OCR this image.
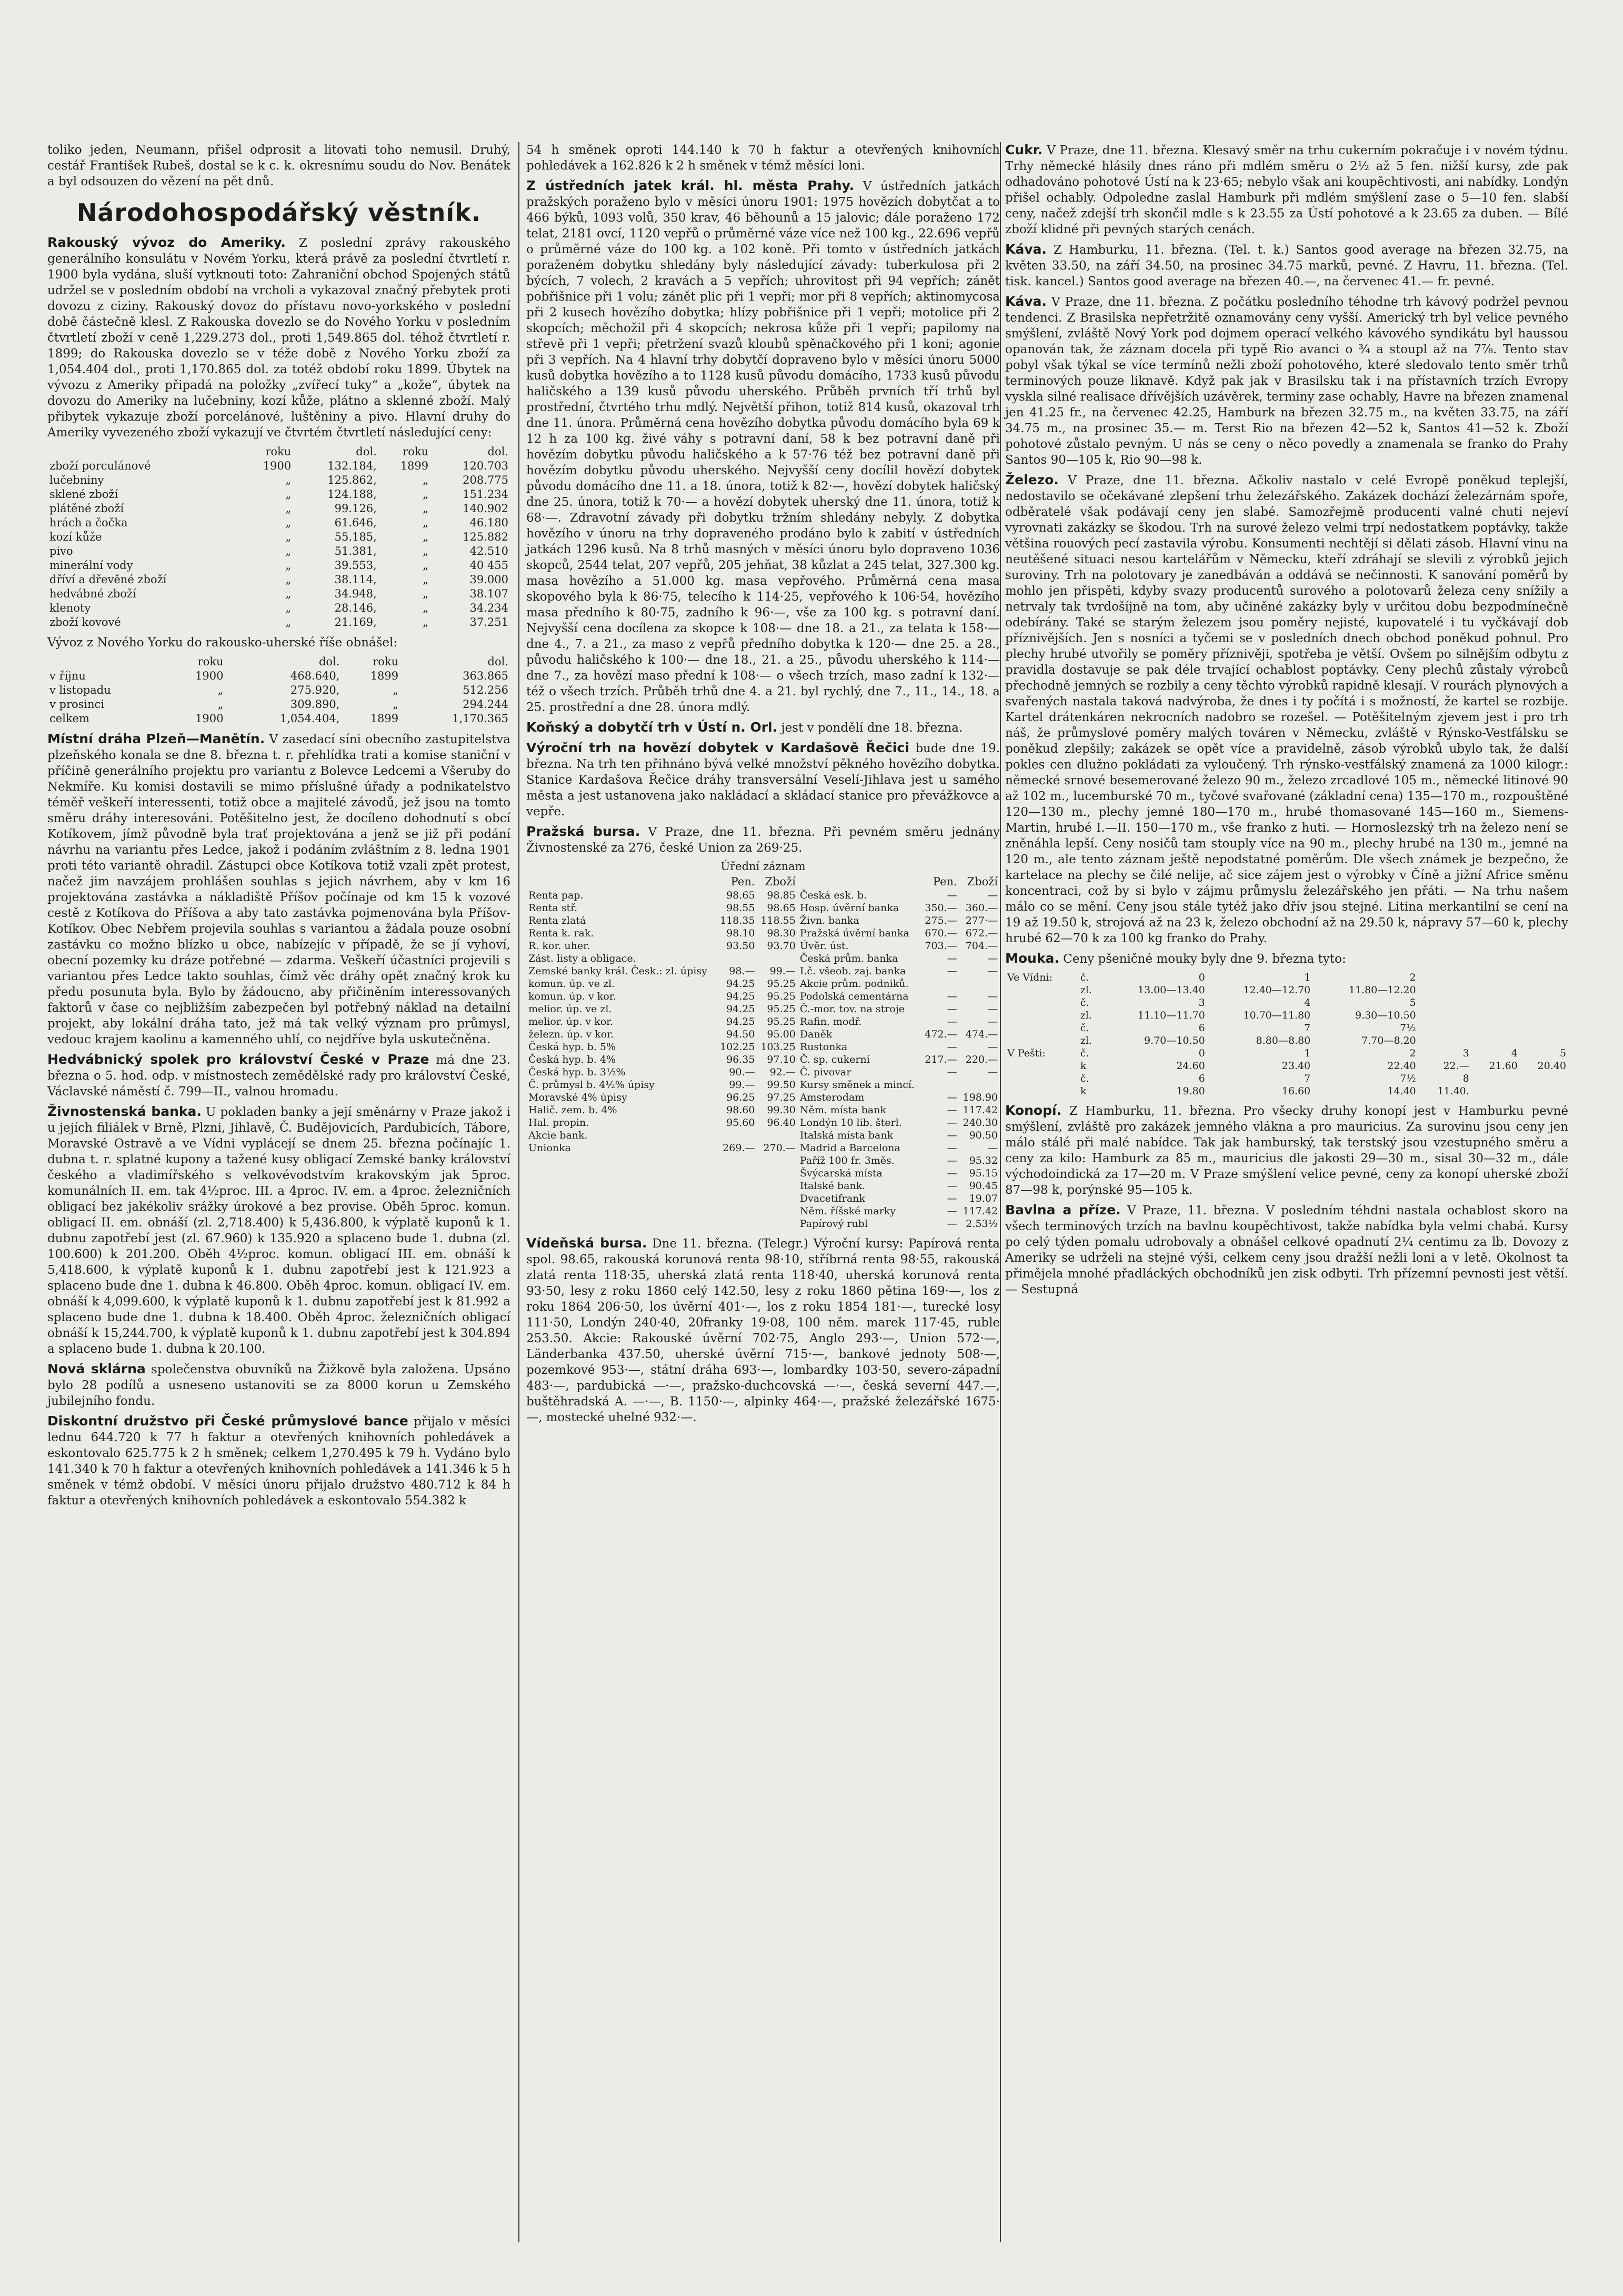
toliko jeden, Neumann, přišel odprosit a litovati toho nemusil. Druhý, cestář František Rubeš, dostal se k c. k. okresnímu soudu do Nov. Benátek a byl odsouzen do vězení na pět dnů.

Národohospodářský věstník.

Rakouský vývoz do Ameriky. Z poslední zprávy rakouského generálního konsulátu v Novém Yorku, která právě za poslední čtvrtletí r. 1900 byla vydána, sluší vytknouti toto: Zahraniční obchod Spojených států udržel se v posledním období na vrcholi a vykazoval značný přebytek proti dovozu z ciziny. Rakouský dovoz do přístavu novo-yorkského v poslední době částečně klesl. Z Rakouska dovezlo se do Nového Yorku v posledním čtvrtletí zboží v ceně 1,229.273 dol., proti 1,549.865 dol. téhož čtvrtletí r. 1899; do Rakouska dovezlo se v téže době z Nového Yorku zboží za 1,054.404 dol., proti 1,170.865 dol. za totéž období roku 1899. Úbytek na vývozu z Ameriky připadá na položky „zvířecí tuky“ a „kože“, úbytek na dovozu do Ameriky na lučebniny, kozí kůže, plátno a sklenné zboží. Malý přibytek vykazuje zboží porcelánové, luštěniny a pivo. Hlavní druhy do Ameriky vyvezeného zboží vykazují ve čtvrtém čtvrtletí následující ceny:

	roku	dol.	roku	dol.
zboží porculánové	1900	132.184,	1899	120.703
lučebniny	„	125.862,	„	208.775
sklené zboží	„	124.188,	„	151.234
plátěné zboží	„	99.126,	„	140.902
hrách a čočka	„	61.646,	„	46.180
kozí kůže	„	55.185,	„	125.882
pivo	„	51.381,	„	42.510
minerální vody	„	39.553,	„	40 455
dříví a dřevěné zboží	„	38.114,	„	39.000
hedvábné zboží	„	34.948,	„	38.107
klenoty	„	28.146,	„	34.234
zboží kovové	„	21.169,	„	37.251

Vývoz z Nového Yorku do rakousko-uherské říše obnášel:

	roku	dol.	roku	dol.
v říjnu	1900	468.640,	1899	363.865
v listopadu	„	275.920,	„	512.256
v prosinci	„	309.890,	„	294.244
celkem	1900	1,054.404,	1899	1,170.365

Místní dráha Plzeň—Manětín. V zasedací síni obecního zastupitelstva plzeňského konala se dne 8. března t. r. přehlídka trati a komise staniční v příčině generálního projektu pro variantu z Bolevce Ledcemi a Všeruby do Nekmíře. Ku komisi dostavili se mimo příslušné úřady a podnikatelstvo téměř veškeří interessenti, totiž obce a majitelé závodů, jež jsou na tomto směru dráhy interesováni. Potěšitelno jest, že docíleno dohodnutí s obcí Kotíkovem, jímž původně byla trať projektována a jenž se již při podání návrhu na variantu přes Ledce, jakož i podáním zvláštním z 8. ledna 1901 proti této variantě ohradil. Zástupci obce Kotíkova totiž vzali zpět protest, načež jim navzájem prohlášen souhlas s jejich návrhem, aby v km 16 projektována zastávka a nákladiště Příšov počínaje od km 15 k vozové cestě z Kotíkova do Příšova a aby tato zastávka pojmenována byla Příšov-Kotíkov. Obec Nebřem projevila souhlas s variantou a žádala pouze osobní zastávku co možno blízko u obce, nabízejíc v případě, že se jí vyhoví, obecní pozemky ku dráze potřebné — zdarma. Veškeří účastníci projevili s variantou přes Ledce takto souhlas, čímž věc dráhy opět značný krok ku předu posunuta byla. Bylo by žádoucno, aby přičiněním interessovaných faktorů v čase co nejbližším zabezpečen byl potřebný náklad na detailní projekt, aby lokální dráha tato, jež má tak velký význam pro průmysl, vedouc krajem kaolinu a kamenného uhlí, co nejdříve byla uskutečněna.

Hedvábnický spolek pro království České v Praze má dne 23. března o 5. hod. odp. v místnostech zemědělské rady pro království České, Václavské náměstí č. 799—II., valnou hromadu.

Živnostenská banka. U pokladen banky a její směnárny v Praze jakož i u jejích filiálek v Brně, Plzni, Jihlavě, Č. Budějovicích, Pardubicích, Tábore, Moravské Ostravě a ve Vídni vyplácejí se dnem 25. března počínajíc 1. dubna t. r. splatné kupony a tažené kusy obligací Zemské banky království českého a vladimířského s velkovévodstvím krakovským jak 5proc. komunálních II. em. tak 4½proc. III. a 4proc. IV. em. a 4proc. železničních obligací bez jakékoliv srážky úrokové a bez provise. Oběh 5proc. komun. obligací II. em. obnáší (zl. 2,718.400) k 5,436.800, k výplatě kuponů k 1. dubnu zapotřebí jest (zl. 67.960) k 135.920 a splaceno bude 1. dubna (zl. 100.600) k 201.200. Oběh 4½proc. komun. obligací III. em. obnáší k 5,418.600, k výplatě kuponů k 1. dubnu zapotřebí jest k 121.923 a splaceno bude dne 1. dubna k 46.800. Oběh 4proc. komun. obligací IV. em. obnáší k 4,099.600, k výplatě kuponů k 1. dubnu zapotřebí jest k 81.992 a splaceno bude dne 1. dubna k 18.400. Oběh 4proc. železničních obligací obnáší k 15,244.700, k výplatě kuponů k 1. dubnu zapotřebí jest k 304.894 a splaceno bude 1. dubna k 20.100.

Nová sklárna společenstva obuvníků na Žižkově byla založena. Upsáno bylo 28 podílů a usneseno ustanoviti se za 8000 korun u Zemského jubilejního fondu.

Diskontní družstvo při České průmyslové bance přijalo v měsíci lednu 644.720 k 77 h faktur a otevřených knihovních pohledávek a eskontovalo 625.775 k 2 h směnek; celkem 1,270.495 k 79 h. Vydáno bylo 141.340 k 70 h faktur a otevřených knihovních pohledávek a 141.346 k 5 h směnek v témž období. V měsíci únoru přijalo družstvo 480.712 k 84 h faktur a otevřených knihovních pohledávek a eskontovalo 554.382 k

54 h směnek oproti 144.140 k 70 h faktur a otevřených knihovních pohledávek a 162.826 k 2 h směnek v témž měsíci loni.

Z ústředních jatek král. hl. města Prahy. V ústředních jatkách pražských poraženo bylo v měsíci únoru 1901: 1975 hovězích dobytčat a to 466 býků, 1093 volů, 350 krav, 46 běhounů a 15 jalovic; dále poraženo 172 telat, 2181 ovcí, 1120 vepřů o průměrné váze více než 100 kg., 22.696 vepřů o průměrné váze do 100 kg. a 102 koně. Při tomto v ústředních jatkách poraženém dobytku shledány byly následující závady: tuberkulosa při 2 býcích, 7 volech, 2 kravách a 5 vepřích; uhrovitost při 94 vepřích; zánět pobřišnice při 1 volu; zánět plic při 1 vepři; mor při 8 vepřích; aktinomycosa při 2 kusech hovězího dobytka; hlízy pobřišnice při 1 vepři; motolice při 2 skopcích; měchožil při 4 skopcích; nekrosa kůže při 1 vepři; papilomy na střevě při 1 vepři; přetržení svazů kloubů spěnačkového při 1 koni; agonie při 3 vepřích. Na 4 hlavní trhy dobytčí dopraveno bylo v měsíci únoru 5000 kusů dobytka hovězího a to 1128 kusů původu domácího, 1733 kusů původu haličského a 139 kusů původu uherského. Průběh prvních tří trhů byl prostřední, čtvrtého trhu mdlý. Největší přihon, totiž 814 kusů, okazoval trh dne 11. února. Průměrná cena hovězího dobytka původu domácího byla 69 k 12 h za 100 kg. živé váhy s potravní daní, 58 k bez potravní daně při hovězím dobytku původu haličského a k 57·76 též bez potravní daně při hovězím dobytku původu uherského. Nejvyšší ceny docílil hovězí dobytek původu domácího dne 11. a 18. února, totiž k 82·—, hovězí dobytek haličský dne 25. února, totiž k 70·— a hovězí dobytek uherský dne 11. února, totiž k 68·—. Zdravotní závady při dobytku tržním shledány nebyly. Z dobytka hovězího v únoru na trhy dopraveného prodáno bylo k zabití v ústředních jatkách 1296 kusů. Na 8 trhů masných v měsíci únoru bylo dopraveno 1036 skopců, 2544 telat, 207 vepřů, 205 jehňat, 38 kůzlat a 245 telat, 327.300 kg. masa hovězího a 51.000 kg. masa vepřového. Průměrná cena masa skopového byla k 86·75, telecího k 114·25, vepřového k 106·54, hovězího masa předního k 80·75, zadního k 96·—, vše za 100 kg. s potravní daní. Nejvyšší cena docílena za skopce k 108·— dne 18. a 21., za telata k 158·— dne 4., 7. a 21., za maso z vepřů předního dobytka k 120·— dne 25. a 28., původu haličského k 100·— dne 18., 21. a 25., původu uherského k 114·— dne 7., za hovězí maso přední k 108·— o všech trzích, maso zadní k 132·— též o všech trzích. Průběh trhů dne 4. a 21. byl rychlý, dne 7., 11., 14., 18. a 25. prostřední a dne 28. února mdlý.

Koňský a dobytčí trh v Ústí n. Orl. jest v pondělí dne 18. března.

Výroční trh na hovězí dobytek v Kardašově Řečici bude dne 19. března. Na trh ten přihnáno bývá velké množství pěkného hovězího dobytka. Stanice Kardašova Řečice dráhy transversální Veselí-Jihlava jest u samého města a jest ustanovena jako nakládací a skládací stanice pro převážkovce a vepře.

Pražská bursa. V Praze, dne 11. března. Při pevném směru jednány Živnostenské za 276, české Union za 269·25.

Úřední záznam
	Pen.	Zboží		Pen.	Zboží
Renta pap.	98.65	98.85	Česká esk. b.	—	—
Renta stř.	98.55	98.65	Hosp. úvěrní banka	350.—	360.—
Renta zlatá	118.35	118.55	Živn. banka	275.—	277·—
Renta k. rak.	98.10	98.30	Pražská úvěrní banka	670.—	672.—
R. kor. uher.	93.50	93.70	Úvěr. úst.	703.—	704.—
Zást. listy a obligace.			Česká prům. banka	—	—
Zemské banky král. Česk.: zl. úpisy	98.—	99.—	I.č. všeob. zaj. banka	—	—
komun. úp. ve zl.	94.25	95.25	Akcie prům. podniků.		
komun. úp. v kor.	94.25	95.25	Podolská cementárna	—	—
melior. úp. ve zl.	94.25	95.25	Č.-mor. tov. na stroje	—	—
melior. úp. v kor.	94.25	95.25	Rafin. modř.	—	—
železn. úp. v kor.	94.50	95.00	Daněk	472.—	474.—
Česká hyp. b. 5%	102.25	103.25	Rustonka	—	—
Česká hyp. b. 4%	96.35	97.10	Č. sp. cukerní	217.—	220.—
Česká hyp. b. 3½%	90.—	92.—	Č. pivovar	—	—
Č. průmysl b. 4½% úpisy	99.—	99.50	Kursy směnek a mincí.		
Moravské 4% úpisy	96.25	97.25	Amsterodam	—	198.90
Halič. zem. b. 4%	98.60	99.30	Něm. místa bank	—	117.42
Hal. propin.	95.60	96.40	Londýn 10 lib. šterl.	—	240.30
Akcie bank.			Italská místa bank	—	90.50
Unionka	269.—	270.—	Madrid a Barcelona	—	—
			Paříž 100 fr. 3měs.	—	95.32
			Švýcarská místa	—	95.15
			Italské bank.	—	90.45
			Dvacetifrank	—	19.07
			Něm. říšské marky	—	117.42
			Papírový rubl	—	2.53½

Vídeňská bursa. Dne 11. března. (Telegr.) Výroční kursy: Papírová renta spol. 98.65, rakouská korunová renta 98·10, stříbrná renta 98·55, rakouská zlatá renta 118·35, uherská zlatá renta 118·40, uherská korunová renta 93·50, lesy z roku 1860 celý 142.50, lesy z roku 1860 pětina 169·—, los z roku 1864 206·50, los úvěrní 401·—, los z roku 1854 181·—, turecké losy 111·50, Londýn 240·40, 20franky 19·08, 100 něm. marek 117·45, ruble 253.50. Akcie: Rakouské úvěrní 702·75, Anglo 293·—, Union 572·—, Länderbanka 437.50, uherské úvěrní 715·—, bankové jednoty 508·—, pozemkové 953·—, státní dráha 693·—, lombardky 103·50, severo-západní 483·—, pardubická —·—, pražsko-duchcovská —·—, česká severní 447.—, buštěhradská A. —·—, B. 1150·—, alpinky 464·—, pražské železářské 1675·—, mostecké uhelné 932·—.

Cukr. V Praze, dne 11. března. Klesavý směr na trhu cukerním pokračuje i v novém týdnu. Trhy německé hlásily dnes ráno při mdlém směru o 2½ až 5 fen. nižší kursy, zde pak odhadováno pohotové Ústí na k 23·65; nebylo však ani koupěchtivosti, ani nabídky. Londýn přišel ochably. Odpoledne zaslal Hamburk při mdlém smýšlení zase o 5—10 fen. slabší ceny, načež zdejší trh skončil mdle s k 23.55 za Ústí pohotové a k 23.65 za duben. — Bílé zboží klidné při pevných starých cenách.

Káva. Z Hamburku, 11. března. (Tel. t. k.) Santos good average na březen 32.75, na květen 33.50, na září 34.50, na prosinec 34.75 marků, pevné. Z Havru, 11. března. (Tel. tisk. kancel.) Santos good average na březen 40.—, na červenec 41.— fr. pevné.

Káva. V Praze, dne 11. března. Z počátku posledního téhodne trh kávový podržel pevnou tendenci. Z Brasilska nepřetržitě oznamovány ceny vyšší. Americký trh byl velice pevného smýšlení, zvláště Nový York pod dojmem operací velkého kávového syndikátu byl haussou opanován tak, že záznam docela při typě Rio avanci o ¾ a stoupl až na 7⅞. Tento stav pobyl však týkal se více termínů nežli zboží pohotového, které sledovalo tento směr trhů terminových pouze liknavě. Když pak jak v Brasilsku tak i na přístavních trzích Evropy vyskla silné realisace dřívějších uzávěrek, terminy zase ochably, Havre na březen znamenal jen 41.25 fr., na červenec 42.25, Hamburk na březen 32.75 m., na květen 33.75, na září 34.75 m., na prosinec 35.— m. Terst Rio na březen 42—52 k, Santos 41—52 k. Zboží pohotové zůstalo pevným. U nás se ceny o něco povedly a znamenala se franko do Prahy Santos 90—105 k, Rio 90—98 k.

Železo. V Praze, dne 11. března. Ačkoliv nastalo v celé Evropě poněkud teplejší, nedostavilo se očekávané zlepšení trhu železářského. Zakázek dochází železárnám spoře, odběratelé však podávají ceny jen slabé. Samozřejmě producenti valné chuti nejeví vyrovnati zakázky se škodou. Trh na surové železo velmi trpí nedostatkem poptávky, takže většina rouových pecí zastavila výrobu. Konsumenti nechtějí si dělati zásob. Hlavní vinu na neutěšené situaci nesou kartelářům v Německu, kteří zdráhají se slevili z výrobků jejich suroviny. Trh na polotovary je zanedbáván a oddává se nečinnosti. K sanování poměrů by mohlo jen přispěti, kdyby svazy producentů surového a polotovarů železa ceny snížily a netrvaly tak tvrdošíjně na tom, aby učiněné zakázky byly v určitou dobu bezpodmínečně odebírány. Také se starým železem jsou poměry nejisté, kupovatelé i tu vyčkávají dob příznivějších. Jen s nosníci a tyčemi se v posledních dnech obchod poněkud pohnul. Pro plechy hrubé utvořily se poměry příznivěji, spotřeba je větší. Ovšem po silnějším odbytu z pravidla dostavuje se pak déle trvající ochablost poptávky. Ceny plechů zůstaly výrobců přechodně jemných se rozbily a ceny těchto výrobků rapidně klesají. V rourách plynových a svařených nastala taková nadvýroba, že dnes i ty počítá i s možností, že kartel se rozbije. Kartel drátenkáren nekrocních nadobro se rozešel. — Potěšitelným zjevem jest i pro trh náš, že průmyslové poměry malých továren v Německu, zvláště v Rýnsko-Vestfálsku se poněkud zlepšily; zakázek se opět více a pravidelně, zásob výrobků ubylo tak, že další pokles cen dlužno pokládati za vyloučený. Trh rýnsko-vestfálský znamená za 1000 kilogr.: německé srnové besemerované železo 90 m., železo zrcadlové 105 m., německé litinové 90 až 102 m., lucemburské 70 m., tyčové svařované (základní cena) 135—170 m., rozpouštěné 120—130 m., plechy jemné 180—170 m., hrubé thomasované 145—160 m., Siemens-Martin, hrubé I.—II. 150—170 m., vše franko z huti. — Hornoslezský trh na železo není se zněnáhla lepší. Ceny nosičů tam stouply více na 90 m., plechy hrubé na 130 m., jemné na 120 m., ale tento záznam ještě nepodstatné poměrům. Dle všech známek je bezpečno, že kartelace na plechy se čilé nelije, ač sice zájem jest o výrobky v Číně a jižní Africe směnu koncentraci, což by si bylo v zájmu průmyslu železářského jen přáti. — Na trhu našem málo co se mění. Ceny jsou stále tytéž jako dřív jsou stejné. Litina merkantilní se cení na 19 až 19.50 k, strojová až na 23 k, železo obchodní až na 29.50 k, nápravy 57—60 k, plechy hrubé 62—70 k za 100 kg franko do Prahy.

Mouka. Ceny pšeničné mouky byly dne 9. března tyto:

Ve Vídni:	č.	0	1	2			
	zl.	13.00—13.40	12.40—12.70	11.80—12.20			
	č.	3	4	5			
	zl.	11.10—11.70	10.70—11.80	9.30—10.50			
	č.	6	7	7½			
	zl.	9.70—10.50	8.80—8.80	7.70—8.20			
V Pešti:	č.	0	1	2	3	4	5
	k	24.60	23.40	22.40	22.—	21.60	20.40
	č.	6	7	7½	8		
	k	19.80	16.60	14.40	11.40.		

Konopí. Z Hamburku, 11. března. Pro všecky druhy konopí jest v Hamburku pevné smýšlení, zvláště pro zakázek jemného vlákna a pro mauricius. Za surovinu jsou ceny jen málo stálé při malé nabídce. Tak jak hamburský, tak terstský jsou vzestupného směru a ceny za kilo: Hamburk za 85 m., mauricius dle jakosti 29—30 m., sisal 30—32 m., dále východoindická za 17—20 m. V Praze smýšlení velice pevné, ceny za konopí uherské zboží 87—98 k, porýnské 95—105 k.

Bavlna a příze. V Praze, 11. března. V posledním téhdni nastala ochablost skoro na všech terminových trzích na bavlnu koupěchtivost, takže nabídka byla velmi chabá. Kursy po celý týden pomalu udrobovaly a obnášel celkové opadnutí 2¼ centimu za lb. Dovozy z Ameriky se udrželi na stejné výši, celkem ceny jsou dražší nežli loni a v letě. Okolnost ta přimějela mnohé přadláckých obchodníků jen zisk odbyti. Trh přízemní pevnosti jest větší. — Sestupná
